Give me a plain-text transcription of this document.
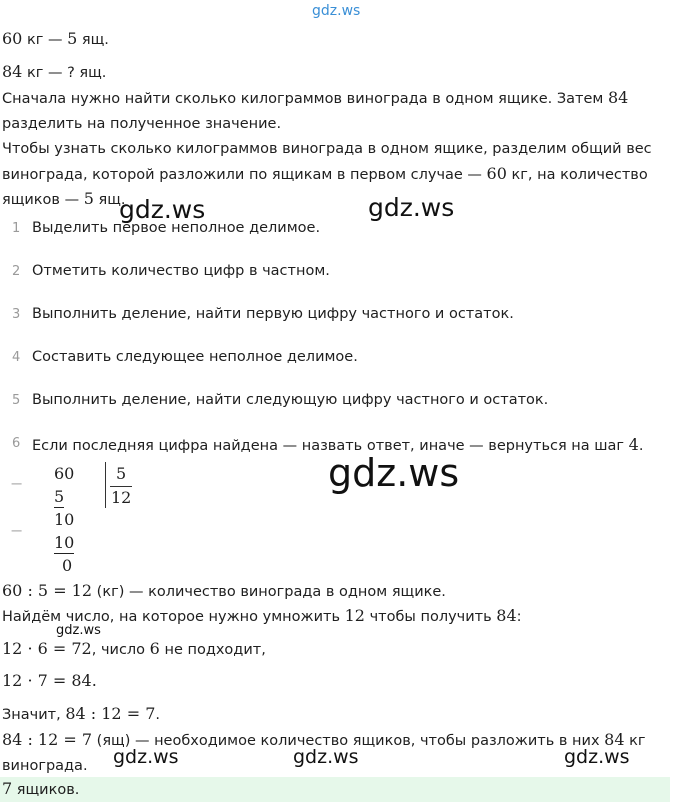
gdz.ws
gdz.ws	gdz.ws
60 кг — 5 ящ.
84 кг — ? ящ.
Сначала нужно найти сколько килограммов винограда в одном ящике. Затем 84
разделить на полученное значение.
Чтобы узнать сколько килограммов винограда в одном ящике, разделим общий вес
винограда, которой разложили по ящикам в первом случае — 60 кг, на количество
ящиков — 5 ящ.
1 Выделить первое неполное делимое.
2 Отметить количество цифр в частном.
3 Выполнить деление, найти первую цифру частного и остаток.
4 Составить следующее неполное делимое.
5 Выполнить деление, найти следующую цифру частного и остаток.
6 Если последняя цифра найдена — назвать ответ, иначе — вернуться на шаг 4.
−
−
60
5
10
10
0
5
12
gdz.ws
60 : 5 = 12 (кг) — количество винограда в одном ящике.
Найдём число, на которое нужно умножить 12 чтобы получить 84:
gdz.ws
12 · 6 = 72, число 6 не подходит,
12 · 7 = 84.
Значит, 84 : 12 = 7.
84 : 12 = 7 (ящ) — необходимое количество ящиков, чтобы разложить в них 84 кг
винограда. gdz.ws	gdz.ws	gdz.ws
7 ящиков.
